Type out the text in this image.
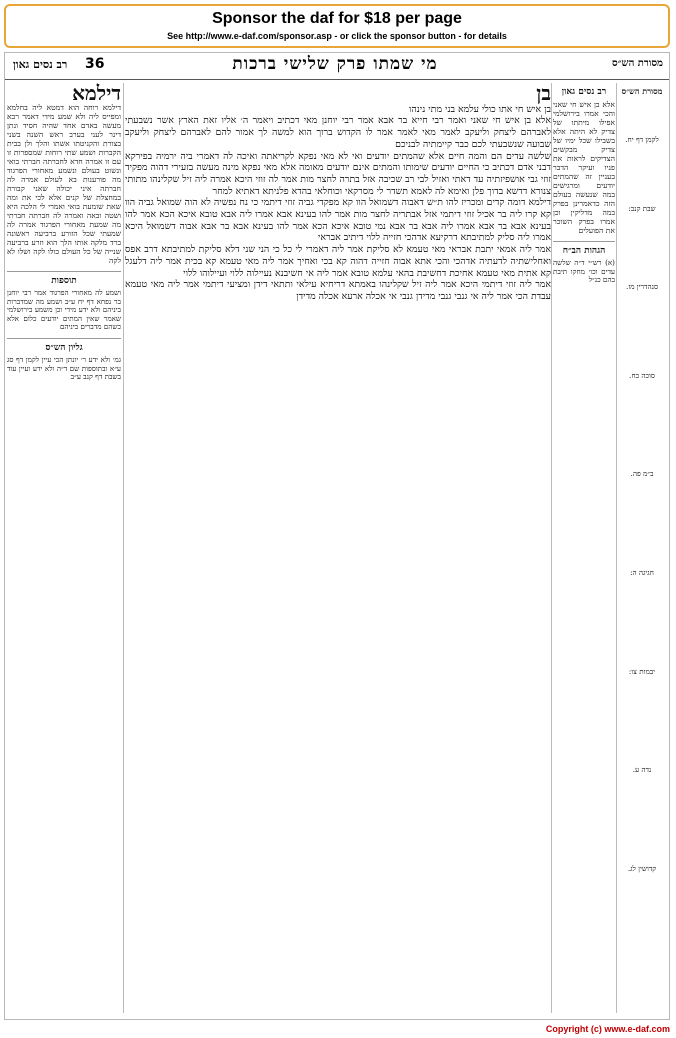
Sponsor the daf for $18 per page
See http://www.e-daf.com/sponsor.asp - or click the sponsor button - for details
רב נסים גאון 36	מי שמתו פרק שלישי ברכות	מסורת הש״ס
דילמא

דילמא רוחה הוא דמטא ליה בחלמא ומפייס ליה ולא שמע מידי דאמר רבא מעשה באדם אחד שהיה חסיד ונתן דינר לעני בערב ראש השנה בשני בצורת והקניטתו אשתו והלך ולן בבית הקברות ושמע שתי רוחות שמספרות זו עם זו אמרה חדא לחברתה חברתי בואי ונשוט בעולם ונשמע מאחורי הפרגוד מה פורענות בא לעולם אמרה לה חברתה איני יכולה שאני קבורה במחצלת של קנים אלא לכי את ומה שאת שומעת בואי ואמרי לי הלכה היא ושטה ובאה ואמרה לה חברתה חברתי מה שמעת מאחורי הפרגוד אמרה לה שמעתי שכל הזורע ברביעה ראשונה ברד מלקה אותו הלך הוא וזרע ברביעה שנייה של כל העולם כולו לקה ושלו לא לקה

תוספות

ושמע לה מאחורי הפרגוד אמר רבי יוחנן בר נפחא דף יח ע״ב ושמע מה שמדברות ביניהם ולא ידע מידי וכן משמע בירושלמי שאמר שאין המתים יודעים כלום אלא כשהם מדברים ביניהם

גליון הש״ס

גמ׳ ולא ידע ר׳ יונתן הכי עיין לקמן דף סג ע״א ובתוספות שם ד״ה ולא ידע ועיין עוד בשבת דף קנב ע״ב

בן

בן איש חי אתו כולי עלמא בני מתי נינהו

אלא בן איש חי שאני ואמר רבי חייא בר אבא אמר רבי יוחנן מאי דכתיב ויאמר ה׳ אליו זאת הארץ אשר נשבעתי לאברהם ליצחק וליעקב לאמר מאי לאמר אמר לו הקדוש ברוך הוא למשה לך אמור להם לאברהם ליצחק וליעקב שבועה שנשבעתי לכם כבר קיימתיה לבניכם

שלשה עדים הם והמה חיים אלא שהמתים יודעים ואי לא מאי נפקא לקריאתה ואיכה לה דאמרי ביה ירמיה בפירקא דבני אדם דכתיב כי החיים יודעים שימותו והמתים אינם יודעים מאומה אלא מאי נפקא מינה מעשה בזעירי דהוה מפקיד זוזי גבי אושפיזתיה עד דאתי ואזיל לבי רב שכיבה אזל בתרה לחצר מות אמר לה זוזי היכא אמרה ליה זיל שקלינהו מתותי צנורא דדשא בדוך פלן ואימא לה לאמא תשדר לי מסרקאי וכוחלאי בהדא פלניתא דאתיא למחר

דילמא דומה קדים ומכריז להו ת״ש דאבוה דשמואל הוו קא מפקדי גביה זוזי דיתמי כי נח נפשיה לא הוה שמואל גביה הוו קא קרו ליה בר אכיל זוזי דיתמי אזל אבתריה לחצר מות אמר להו בעינא אבא אמרו ליה אבא טובא איכא הכא אמר להו בעינא אבא בר אבא אמרו ליה אבא בר אבא נמי טובא איכא הכא אמר להו בעינא אבא בר אבא אבוה דשמואל היכא אמרו ליה סליק למתיבתא דרקיעא אדהכי חזייה ללוי דיתיב אבראי

אמר ליה אמאי יתבת אבראי מאי טעמא לא סליקת אמר ליה דאמרי לי כל כי הני שני דלא סליקת למתיבתא דרב אפס ואחלישתיה לדעתיה אדהכי והכי אתא אבוה חזייה דהוה קא בכי ואחיך אמר ליה מאי טעמא קא בכית אמר ליה דלעגל קא אתית מאי טעמא אחיכת דחשיבת בהאי עלמא טובא אמר ליה אי חשיבנא נעיילוה ללוי ועיילוהו ללוי

אמר ליה זוזי דיתמי היכא אמר ליה זיל שקלינהו באמתא דריחיא עילאי ותתאי דידן ומציעי דיתמי אמר ליה מאי טעמא עבדת הכי אמר ליה אי גנבי גנבי מדידן גנבי אי אכלה ארעא אכלה מדידן

רב נסים גאון

אלא בן איש חי שאני והכי אמרו בירושלמי אפילו מיתתו של צדיק לא היתה אלא בשבילו שכל ימיו של צדיק מבקשים הצדיקים לראות את פניו ועיקר הדבר בעניין זה שהמתים יודעים ומרגישים במה שנעשה בעולם הזה כדאמרינן בפרק במה מדליקין וכן אמרו בפרק השוכר את הפועלים

הגהות הב״ח

(א) רש״י ד״ה שלשה עדים וכו׳ מחקו תיבת בהם כנ״ל

מסורת הש״ס

לקמן דף יח.

שבת קנב:

סנהדרין מז.

סוכה כח.

ב״מ פה.

חגיגה ה:

יבמות צו:

נדה ע.

קדושין לג.

Copyright (c) www.e-daf.com
